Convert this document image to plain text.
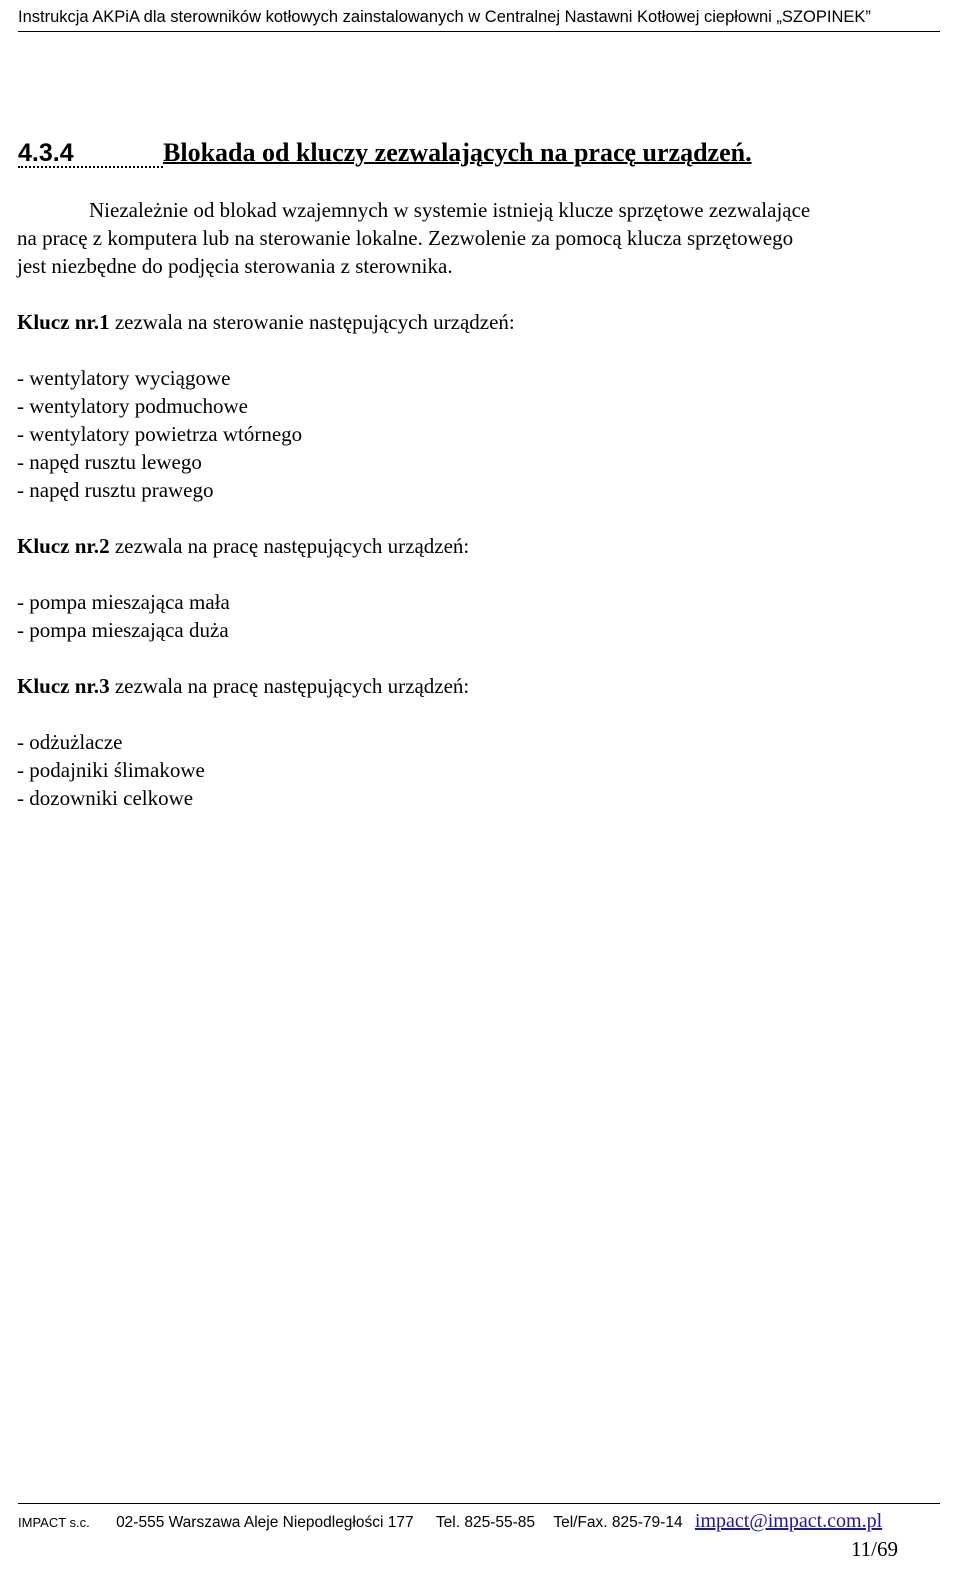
Instrukcja AKPiA dla sterowników kotłowych zainstalowanych w Centralnej Nastawni Kotłowej ciepłowni „SZOPINEK”
4.3.4	Blokada od kluczy zezwalających na pracę urządzeń.

Niezależnie od blokad wzajemnych w systemie istnieją klucze sprzętowe zezwalające

na pracę z komputera lub na sterowanie lokalne. Zezwolenie za pomocą klucza sprzętowego

jest niezbędne do podjęcia sterowania z sterownika.

Klucz nr.1 zezwala na sterowanie następujących urządzeń:
- wentylatory wyciągowe
- wentylatory podmuchowe
- wentylatory powietrza wtórnego
- napęd rusztu lewego
- napęd rusztu prawego
Klucz nr.2 zezwala na pracę następujących urządzeń:
- pompa mieszająca mała
- pompa mieszająca duża
Klucz nr.3 zezwala na pracę następujących urządzeń:
- odżużlacze
- podajniki ślimakowe
- dozowniki celkowe
IMPACT s.c. 02-555 Warszawa Aleje Niepodległości 177 Tel. 825-55-85 Tel/Fax. 825-79-14 impact@impact.com.pl
11/69
